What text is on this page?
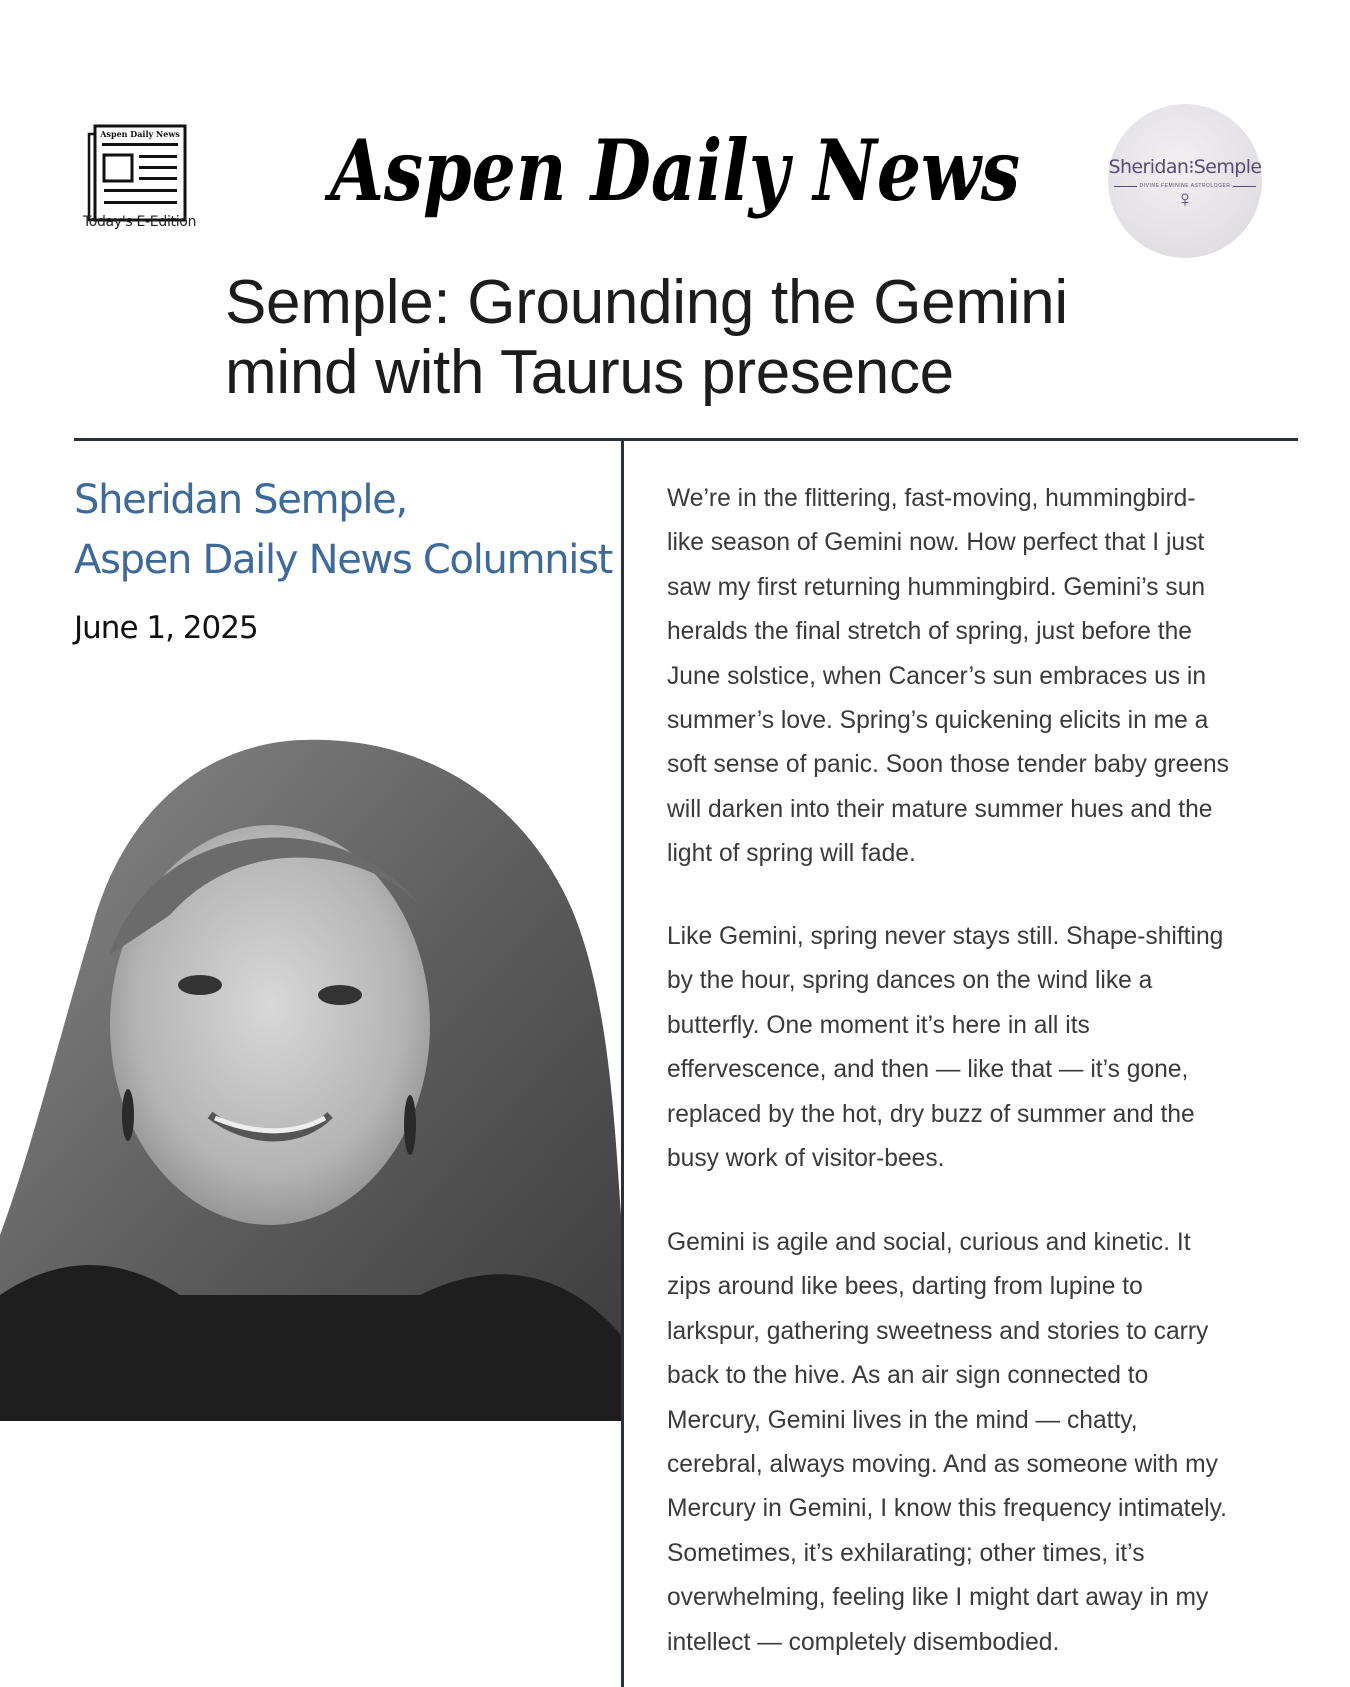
Aspen Daily News
Today's E-Edition
Aspen Daily News	Sheridan⁝Semple
DIVINE FEMININE ASTROLOGER
♀
Semple: Grounding the Gemini
mind with Taurus presence
Sheridan Semple,
Aspen Daily News Columnist
June 1, 2025
We’re in the flittering, fast-moving, hummingbird-
like season of Gemini now. How perfect that I just
saw my first returning hummingbird. Gemini’s sun
heralds the final stretch of spring, just before the
June solstice, when Cancer’s sun embraces us in
summer’s love. Spring’s quickening elicits in me a
soft sense of panic. Soon those tender baby greens
will darken into their mature summer hues and the
light of spring will fade.
Like Gemini, spring never stays still. Shape-shifting
by the hour, spring dances on the wind like a
butterfly. One moment it’s here in all its
effervescence, and then — like that — it’s gone,
replaced by the hot, dry buzz of summer and the
busy work of visitor-bees.
Gemini is agile and social, curious and kinetic. It
zips around like bees, darting from lupine to
larkspur, gathering sweetness and stories to carry
back to the hive. As an air sign connected to
Mercury, Gemini lives in the mind — chatty,
cerebral, always moving. And as someone with my
Mercury in Gemini, I know this frequency intimately.
Sometimes, it’s exhilarating; other times, it’s
overwhelming, feeling like I might dart away in my
intellect — completely disembodied.
